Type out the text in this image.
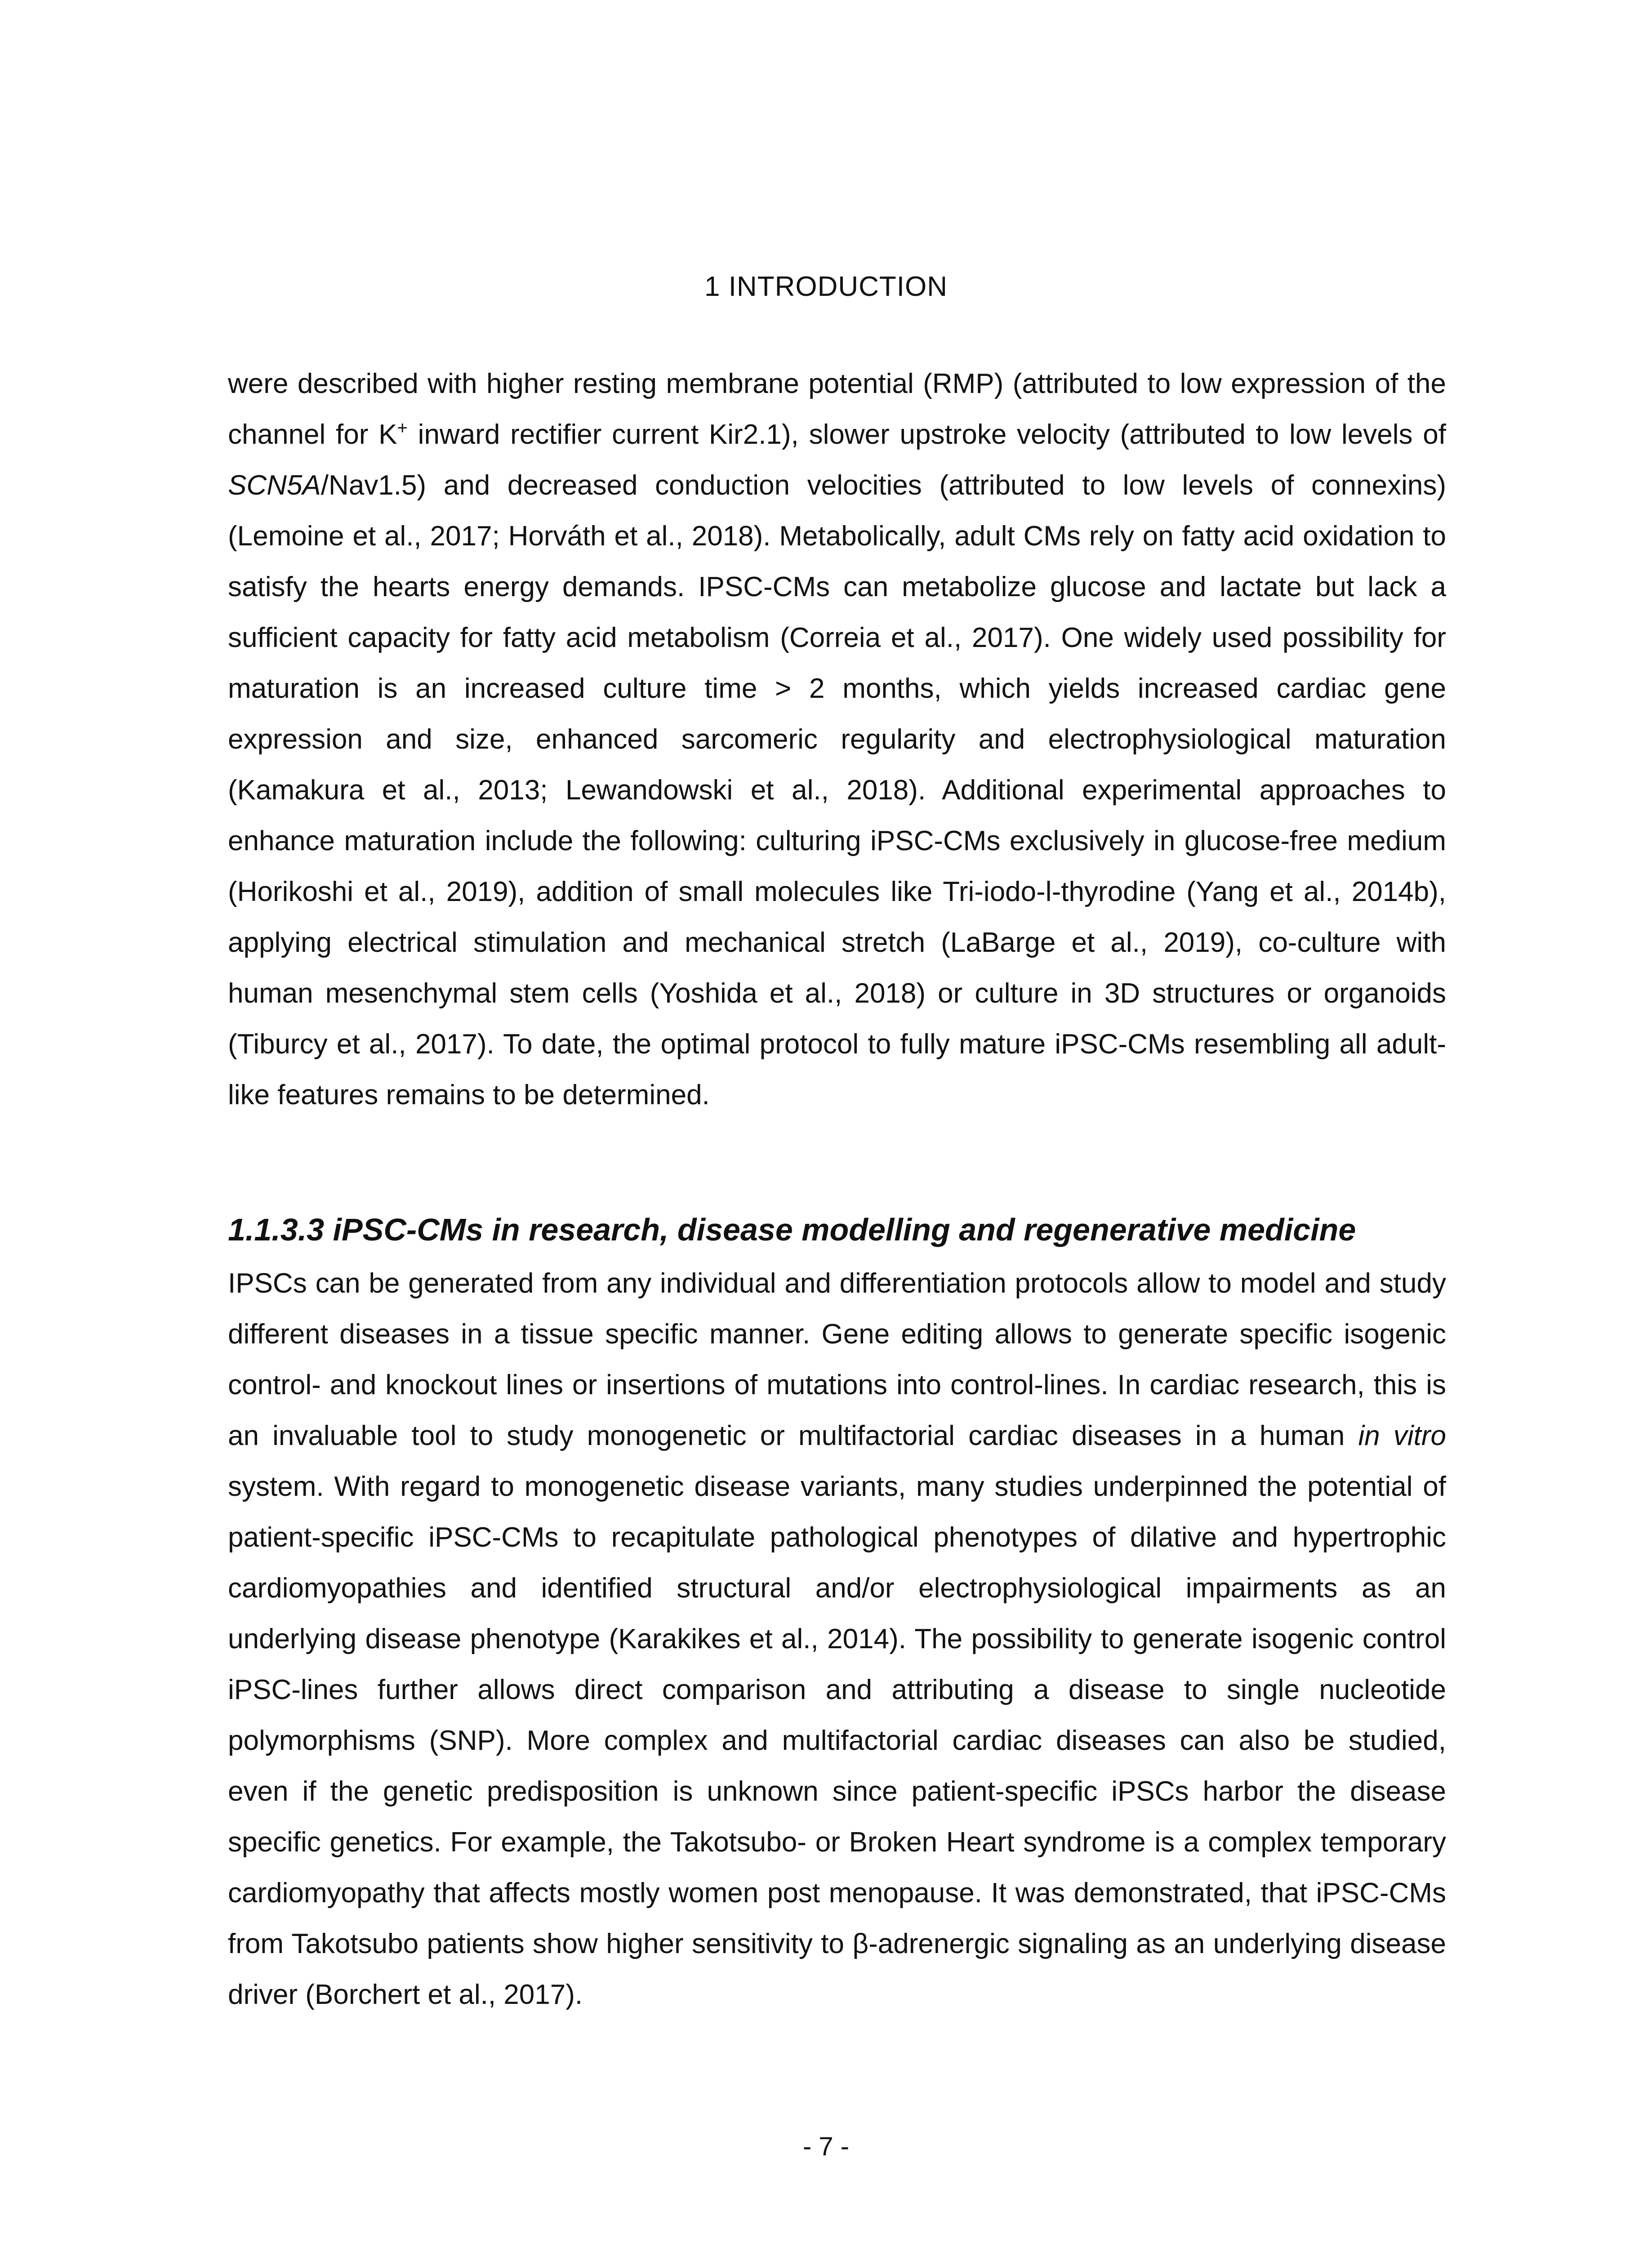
1 INTRODUCTION

were described with higher resting membrane potential (RMP) (attributed to low expression of the channel for K+ inward rectifier current Kir2.1), slower upstroke velocity (attributed to low levels of SCN5A/Nav1.5) and decreased conduction velocities (attributed to low levels of connexins) (Lemoine et al., 2017; Horváth et al., 2018). Metabolically, adult CMs rely on fatty acid oxidation to satisfy the hearts energy demands. IPSC-CMs can metabolize glucose and lactate but lack a sufficient capacity for fatty acid metabolism (Correia et al., 2017). One widely used possibility for maturation is an increased culture time > 2 months, which yields increased cardiac gene expression and size, enhanced sarcomeric regularity and electrophysiological maturation (Kamakura et al., 2013; Lewandowski et al., 2018). Additional experimental approaches to enhance maturation include the following: culturing iPSC-CMs exclusively in glucose-free medium (Horikoshi et al., 2019), addition of small molecules like Tri-iodo-l-thyrodine (Yang et al., 2014b), applying electrical stimulation and mechanical stretch (LaBarge et al., 2019), co-culture with human mesenchymal stem cells (Yoshida et al., 2018) or culture in 3D structures or organoids (Tiburcy et al., 2017). To date, the optimal protocol to fully mature iPSC-CMs resembling all adult-like features remains to be determined.

1.1.3.3 iPSC-CMs in research, disease modelling and regenerative medicine

IPSCs can be generated from any individual and differentiation protocols allow to model and study different diseases in a tissue specific manner. Gene editing allows to generate specific isogenic control- and knockout lines or insertions of mutations into control-lines. In cardiac research, this is an invaluable tool to study monogenetic or multifactorial cardiac diseases in a human in vitro system. With regard to monogenetic disease variants, many studies underpinned the potential of patient-specific iPSC-CMs to recapitulate pathological phenotypes of dilative and hypertrophic cardiomyopathies and identified structural and/or electrophysiological impairments as an underlying disease phenotype (Karakikes et al., 2014). The possibility to generate isogenic control iPSC-lines further allows direct comparison and attributing a disease to single nucleotide polymorphisms (SNP). More complex and multifactorial cardiac diseases can also be studied, even if the genetic predisposition is unknown since patient-specific iPSCs harbor the disease specific genetics. For example, the Takotsubo- or Broken Heart syndrome is a complex temporary cardiomyopathy that affects mostly women post menopause. It was demonstrated, that iPSC-CMs from Takotsubo patients show higher sensitivity to β-adrenergic signaling as an underlying disease driver (Borchert et al., 2017).

- 7 -
